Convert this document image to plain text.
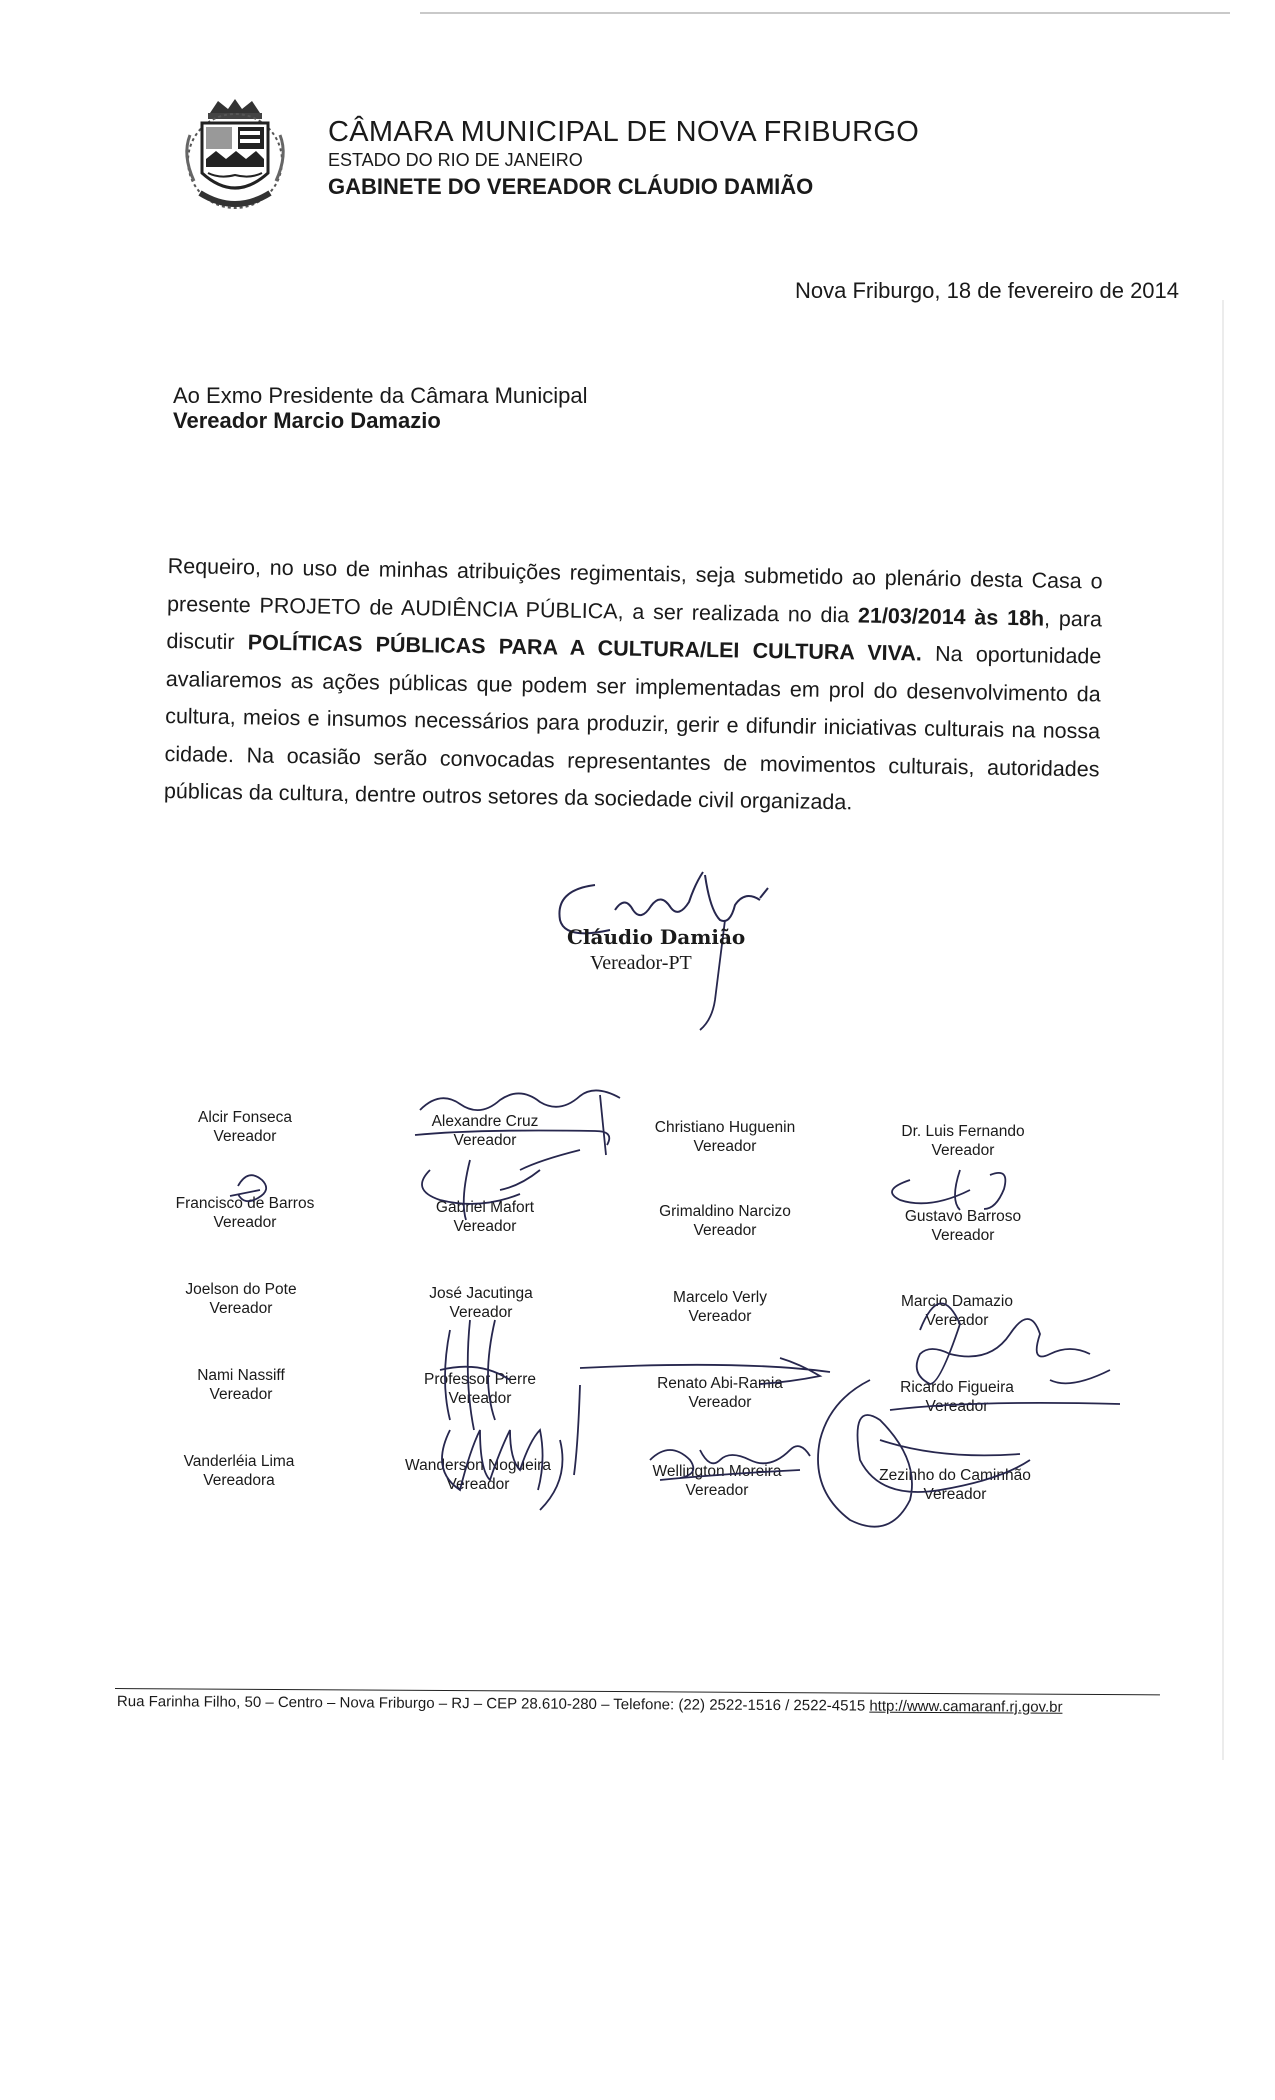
CÂMARA MUNICIPAL DE NOVA FRIBURGO
ESTADO DO RIO DE JANEIRO
GABINETE DO VEREADOR CLÁUDIO DAMIÃO
Nova Friburgo, 18 de fevereiro de 2014
Ao Exmo Presidente da Câmara Municipal
Vereador Marcio Damazio
Requeiro, no uso de minhas atribuições regimentais, seja submetido ao plenário desta Casa o presente PROJETO de AUDIÊNCIA PÚBLICA, a ser realizada no dia 21/03/2014 às 18h, para discutir POLÍTICAS PÚBLICAS PARA A CULTURA/LEI CULTURA VIVA. Na oportunidade avaliaremos as ações públicas que podem ser implementadas em prol do desenvolvimento da cultura, meios e insumos necessários para produzir, gerir e difundir iniciativas culturais na nossa cidade. Na ocasião serão convocadas representantes de movimentos culturais, autoridades públicas da cultura, dentre outros setores da sociedade civil organizada.
Cláudio Damião
Vereador-PT
Alcir Fonseca
Vereador
Alexandre Cruz
Vereador
Christiano Huguenin
Vereador
Dr. Luis Fernando
Vereador
Francisco de Barros
Vereador
Gabriel Mafort
Vereador
Grimaldino Narcizo
Vereador
Gustavo Barroso
Vereador
Joelson do Pote
Vereador
José Jacutinga
Vereador
Marcelo Verly
Vereador
Marcio Damazio
Vereador
Nami Nassiff
Vereador
Professor Pierre
Vereador
Renato Abi-Ramia
Vereador
Ricardo Figueira
Vereador
Vanderléia Lima
Vereadora
Wanderson Nogueira
Vereador
Wellington Moreira
Vereador
Zezinho do Caminhão
Vereador
Rua Farinha Filho, 50 – Centro – Nova Friburgo – RJ – CEP 28.610-280 – Telefone: (22) 2522-1516 / 2522-4515 http://www.camaranf.rj.gov.br
